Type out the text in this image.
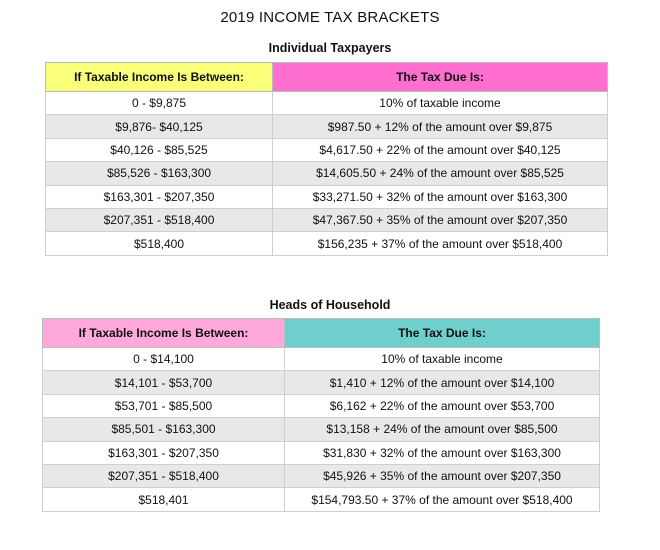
2019 INCOME TAX BRACKETS
Individual Taxpayers
If Taxable Income Is Between:	The Tax Due Is:
0 - $9,875	10% of taxable income
$9,876- $40,125	$987.50 + 12% of the amount over $9,875
$40,126 - $85,525	$4,617.50 + 22% of the amount over $40,125
$85,526 - $163,300	$14,605.50 + 24% of the amount over $85,525
$163,301 - $207,350	$33,271.50 + 32% of the amount over $163,300
$207,351 - $518,400	$47,367.50 + 35% of the amount over $207,350
$518,400	$156,235 + 37% of the amount over $518,400
Heads of Household
If Taxable Income Is Between:	The Tax Due Is:
0 - $14,100	10% of taxable income
$14,101 - $53,700	$1,410 + 12% of the amount over $14,100
$53,701 - $85,500	$6,162 + 22% of the amount over $53,700
$85,501 - $163,300	$13,158 + 24% of the amount over $85,500
$163,301 - $207,350	$31,830 + 32% of the amount over $163,300
$207,351 - $518,400	$45,926 + 35% of the amount over $207,350
$518,401	$154,793.50 + 37% of the amount over $518,400
